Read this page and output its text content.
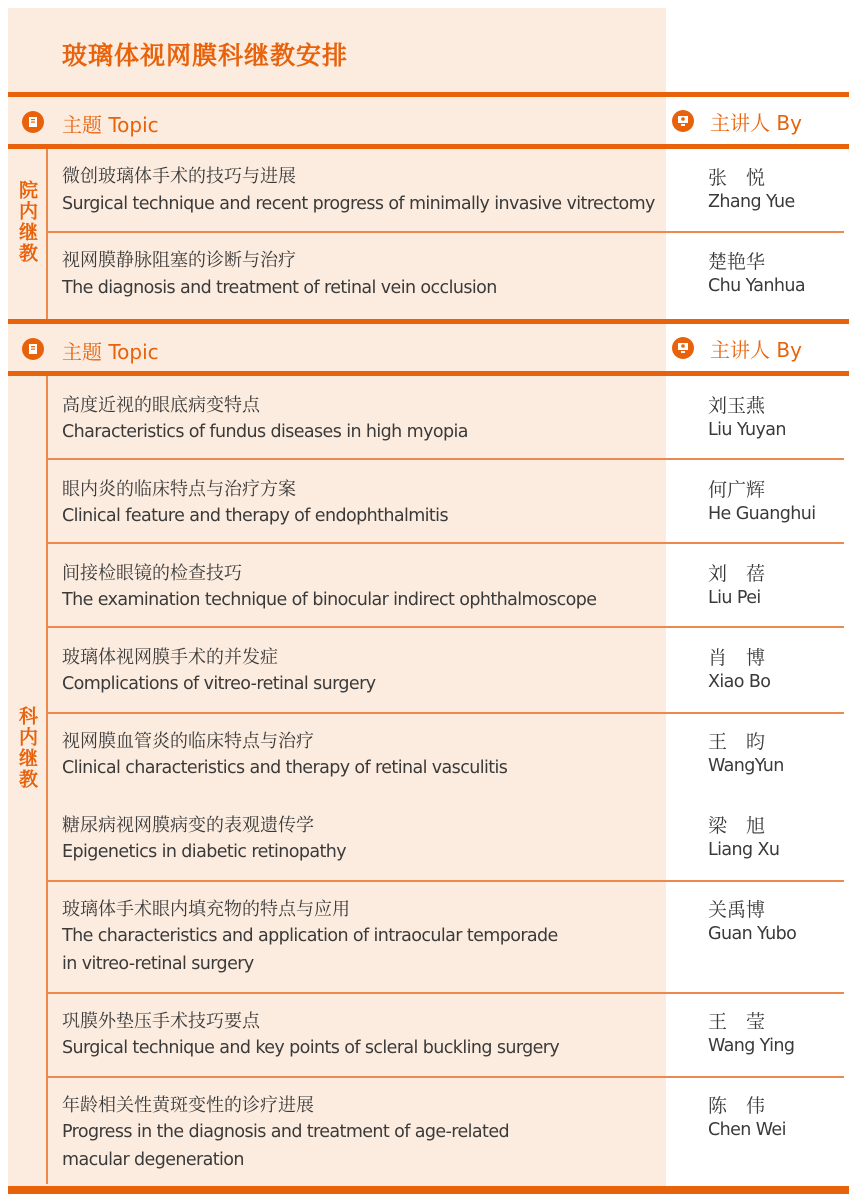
玻璃体视网膜科继教安排
主题 Topic	主讲人 By
院内继教
微创玻璃体手术的技巧与进展
Surgical technique and recent progress of minimally invasive vitrectomy
张　悦
Zhang Yue
视网膜静脉阻塞的诊断与治疗
The diagnosis and treatment of retinal vein occlusion
楚艳华
Chu Yanhua
主题 Topic	主讲人 By
科内继教
高度近视的眼底病变特点
Characteristics of fundus diseases in high myopia
刘玉燕
Liu Yuyan
眼内炎的临床特点与治疗方案
Clinical feature and therapy of endophthalmitis
何广辉
He Guanghui
间接检眼镜的检查技巧
The examination technique of binocular indirect ophthalmoscope
刘　蓓
Liu Pei
玻璃体视网膜手术的并发症
Complications of vitreo-retinal surgery
肖　博
Xiao Bo
视网膜血管炎的临床特点与治疗
Clinical characteristics and therapy of retinal vasculitis
王　昀
WangYun
糖尿病视网膜病变的表观遗传学
Epigenetics in diabetic retinopathy
梁　旭
Liang Xu
玻璃体手术眼内填充物的特点与应用
The characteristics and application of intraocular temporade
in vitreo-retinal surgery
关禹博
Guan Yubo
巩膜外垫压手术技巧要点
Surgical technique and key points of scleral buckling surgery
王　莹
Wang Ying
年龄相关性黄斑变性的诊疗进展
Progress in the diagnosis and treatment of age-related
macular degeneration
陈　伟
Chen Wei
